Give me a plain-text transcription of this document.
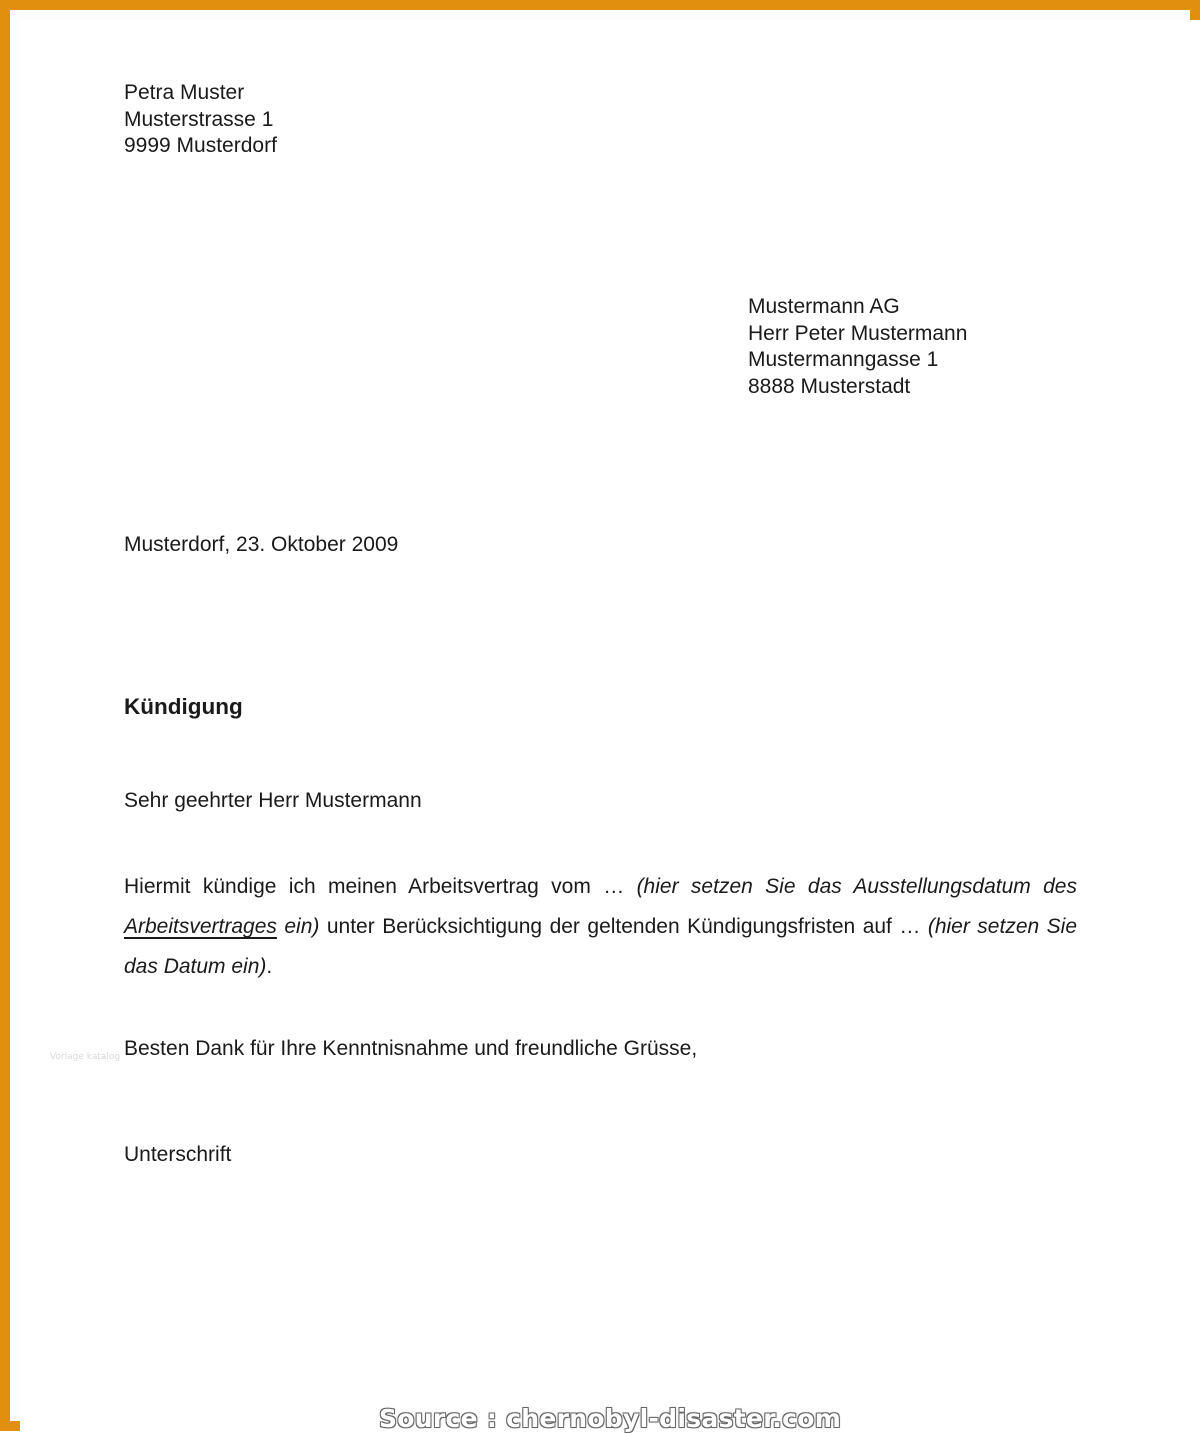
Petra Muster
Musterstrasse 1
9999 Musterdorf
Mustermann AG
Herr Peter Mustermann
Mustermanngasse 1
8888 Musterstadt
Musterdorf, 23. Oktober 2009
Kündigung
Sehr geehrter Herr Mustermann
Hiermit kündige ich meinen Arbeitsvertrag vom … (hier setzen Sie das Ausstellungsdatum des Arbeitsvertrages ein) unter Berücksichtigung der geltenden Kündigungsfristen auf … (hier setzen Sie das Datum ein).
Besten Dank für Ihre Kenntnisnahme und freundliche Grüsse,
Unterschrift
Vorlage katalog
Source : chernobyl-disaster.com
